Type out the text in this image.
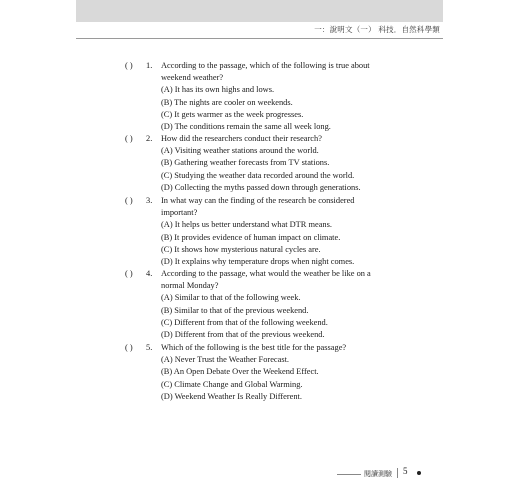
一：說明文（一） 科技．自然科學類
( ) 1. According to the passage, which of the following is true about weekend weather?
(A) It has its own highs and lows.
(B) The nights are cooler on weekends.
(C) It gets warmer as the week progresses.
(D) The conditions remain the same all week long.
( ) 2. How did the researchers conduct their research?
(A) Visiting weather stations around the world.
(B) Gathering weather forecasts from TV stations.
(C) Studying the weather data recorded around the world.
(D) Collecting the myths passed down through generations.
( ) 3. In what way can the finding of the research be considered important?
(A) It helps us better understand what DTR means.
(B) It provides evidence of human impact on climate.
(C) It shows how mysterious natural cycles are.
(D) It explains why temperature drops when night comes.
( ) 4. According to the passage, what would the weather be like on a normal Monday?
(A) Similar to that of the following week.
(B) Similar to that of the previous weekend.
(C) Different from that of the following weekend.
(D) Different from that of the previous weekend.
( ) 5. Which of the following is the best title for the passage?
(A) Never Trust the Weather Forecast.
(B) An Open Debate Over the Weekend Effect.
(C) Climate Change and Global Warming.
(D) Weekend Weather Is Really Different.
閱讀測驗 5
